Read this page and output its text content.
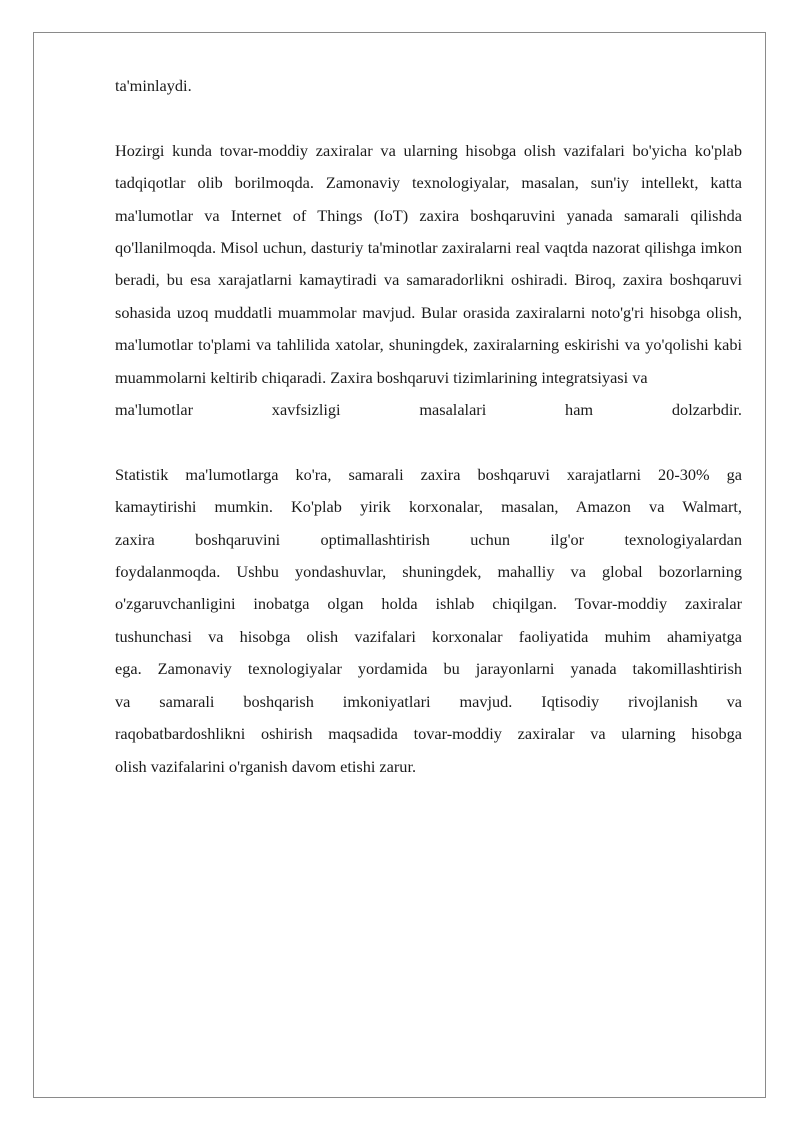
ta'minlaydi.

Hozirgi kunda tovar-moddiy zaxiralar va ularning hisobga olish vazifalari bo'yicha ko'plab tadqiqotlar olib borilmoqda. Zamonaviy texnologiyalar, masalan, sun'iy intellekt, katta ma'lumotlar va Internet of Things (IoT) zaxira boshqaruvini yanada samarali qilishda qo'llanilmoqda. Misol uchun, dasturiy ta'minotlar zaxiralarni real vaqtda nazorat qilishga imkon beradi, bu esa xarajatlarni kamaytiradi va samaradorlikni oshiradi. Biroq, zaxira boshqaruvi sohasida uzoq muddatli muammolar mavjud. Bular orasida zaxiralarni noto'g'ri hisobga olish, ma'lumotlar to'plami va tahlilida xatolar, shuningdek, zaxiralarning eskirishi va yo'qolishi kabi muammolarni keltirib chiqaradi. Zaxira boshqaruvi tizimlarining integratsiyasi va

ma'lumotlar xavfsizligi masalalari ham dolzarbdir.

Statistik ma'lumotlarga ko'ra, samarali zaxira boshqaruvi xarajatlarni 20-30% ga
kamaytirishi mumkin. Ko'plab yirik korxonalar, masalan, Amazon va Walmart,
zaxira boshqaruvini optimallashtirish uchun ilg'or texnologiyalardan
foydalanmoqda. Ushbu yondashuvlar, shuningdek, mahalliy va global bozorlarning
o'zgaruvchanligini inobatga olgan holda ishlab chiqilgan. Tovar-moddiy zaxiralar
tushunchasi va hisobga olish vazifalari korxonalar faoliyatida muhim ahamiyatga
ega. Zamonaviy texnologiyalar yordamida bu jarayonlarni yanada takomillashtirish
va samarali boshqarish imkoniyatlari mavjud. Iqtisodiy rivojlanish va
raqobatbardoshlikni oshirish maqsadida tovar-moddiy zaxiralar va ularning hisobga
olish vazifalarini o'rganish davom etishi zarur.
